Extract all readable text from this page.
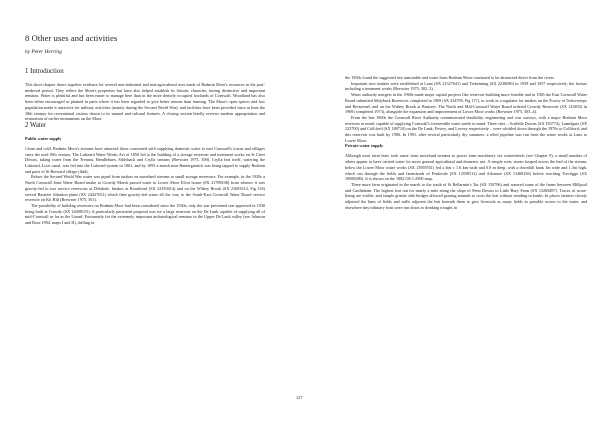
8 Other uses and activities
by Peter Herring
1 Introduction

This short chapter draws together evidence for several non-industrial and non-agricultural uses made of Bodmin Moor's resources in the post-medieval period. They reflect the Moor's properties but have also helped establish its historic character, having distinctive and important remains. Water is plentiful and has been easier to manage here than in the more densely occupied lowlands of Cornwall. Woodland has also been either encouraged or planted in parts where it has been regarded to give better returns than farming. The Moor's open spaces and low population made it attractive for military activities (mainly during the Second World War), and facilities have been provided since at least the 18th century for recreational visitors drawn to its natural and cultural features. A closing section briefly reviews modern appropriation and restoration of earlier monuments on the Moor.

2 Water
Public water supply

Clean and cold, Bodmin Moor's streams have attracted those concerned with supplying domestic water to east Cornwall's towns and villages since the mid-19th century. The Liskeard Water Works Act of 1850 led to the building of a storage reservoir and treatment works on St Cleer Downs, taking water from the Trenant, Hendleburn, Siblyback and Crylla streams (Brewster 1975, 300). Crylla leat itself, watering the Liskeard–Looe canal, was fed into the Liskeard system in 1861, and by 1893 a marsh near Hantergantick was being tapped to supply Bodmin and parts of St Breward village (ibid).

Before the Second World War water was piped from intakes on moorland streams to small storage reservoirs. For example, in the 1920s a North Cornwall Joint Water Board intake at Crowdy Marsh passed water to Lower Moor Elvot house (SX 21788108) from whence it was gravity-fed to two service reservoirs at Delabole. Intakes at Roadsford (SX 22183414) and on the Withey Brook (SX 21683514, Fig 116) served Bastreet filtration plant (SX 24427651) which then gravity-fed water all the way to the South-East Cornwall Water Board service reservoir on Kit Hill (Brewster 1975, 301).

The possibility of building reservoirs on Bodmin Moor had been considered since the 1930s; only the war prevented one approved in 1938 being built at Crowdy (SX 14008155). A particularly persistent proposal was for a large reservoir on the De Lank capable of supplying all of mid-Cornwall as far as the Lizard. Fortunately for the extremely important archaeological remains in the Upper De Lank valley (see Johnson and Rose 1994, maps I and II), drilling in

the 1950s found the suggested site unsuitable and water from Bodmin Moor continued to be abstracted direct from the rivers.

Important new intakes were established at Lanx (SX 21327641) and Trekenning (SX 2238690) in 1939 and 1957 respectively, the former including a treatment works (Brewster 1975, 302–3).

Water authority mergers in the 1960s made major capital projects like reservoir-building more feasible and in 1965 the East Cornwall Water Board submitted Siblyback Reservoir, completed in 1969 (SX 234709, Fig 117), to work as a regulator for intakes on the Fowey at Trekivesteps and Restormel, and on the Withey Brook at Bastreet. The North and Mid-Cornwall Water Board ordered Crowdy Reservoir (SX 143833) in 1969 (completed 1973), alongside the expansion and improvement of Lower Moor works (Brewster 1975, 303–4).

From the late 1960s the Cornwall River Authority commissioned feasibility, engineering and cost surveys, with a major Bodmin Moor reservoir in mind, capable of supplying Cornwall's foreseeable water needs in mind. Three sites – Scribble Downs (SX 183774), Lamelgate (SX 225700) and Colliford (SX 180710) on the De Lank, Fowey, and Lovesy respectively – were whittled down through the 1970s to Colliford, and this reservoir was built by 1986. In 1991, after several particularly dry summers, a relief pipeline was run from the water works at Lanx to Lower Moor.

Private water supply

Although most farm leats took water from moorland streams to power farm machinery via waterwheels (see Chapter 9), a small number of others appear to have carried water for more general agricultural and domestic use. A simple weir, stones heaped across the bed of the stream, below the Lower Moor water works (SX 13959551) fed a leat c 1.6 km wide and 0.8 m deep, with a downhill bank 1m wide and 1.3m high, which ran through the fields and farmsteads of Penkestle (SX 13558512) and Ailsmore (SX 11468236) before reaching Trecliggo (SX 10698280). It is shown on the 1882 OS 1:2500 map.

Three more farm originated in the marsh to the south of St Bellarmin's Tor (SX 150706) and watered some of the farms between Millpool and Cardinham. The highest leat ran for nearly a mile along the slope of Penn Downs to Little Bury Farm (SX 13268487). Traces of stone-lining are visible, and simple granite slab bridges allowed grazing animals to cross the leat without treading in banks. In places farmers closely adjoined the lines of fields and walls adjacent the leat beneath them to give livestock as many fields as possible access to the water, and elsewhere tiny tributary leats were run down to drinking troughs in

127
